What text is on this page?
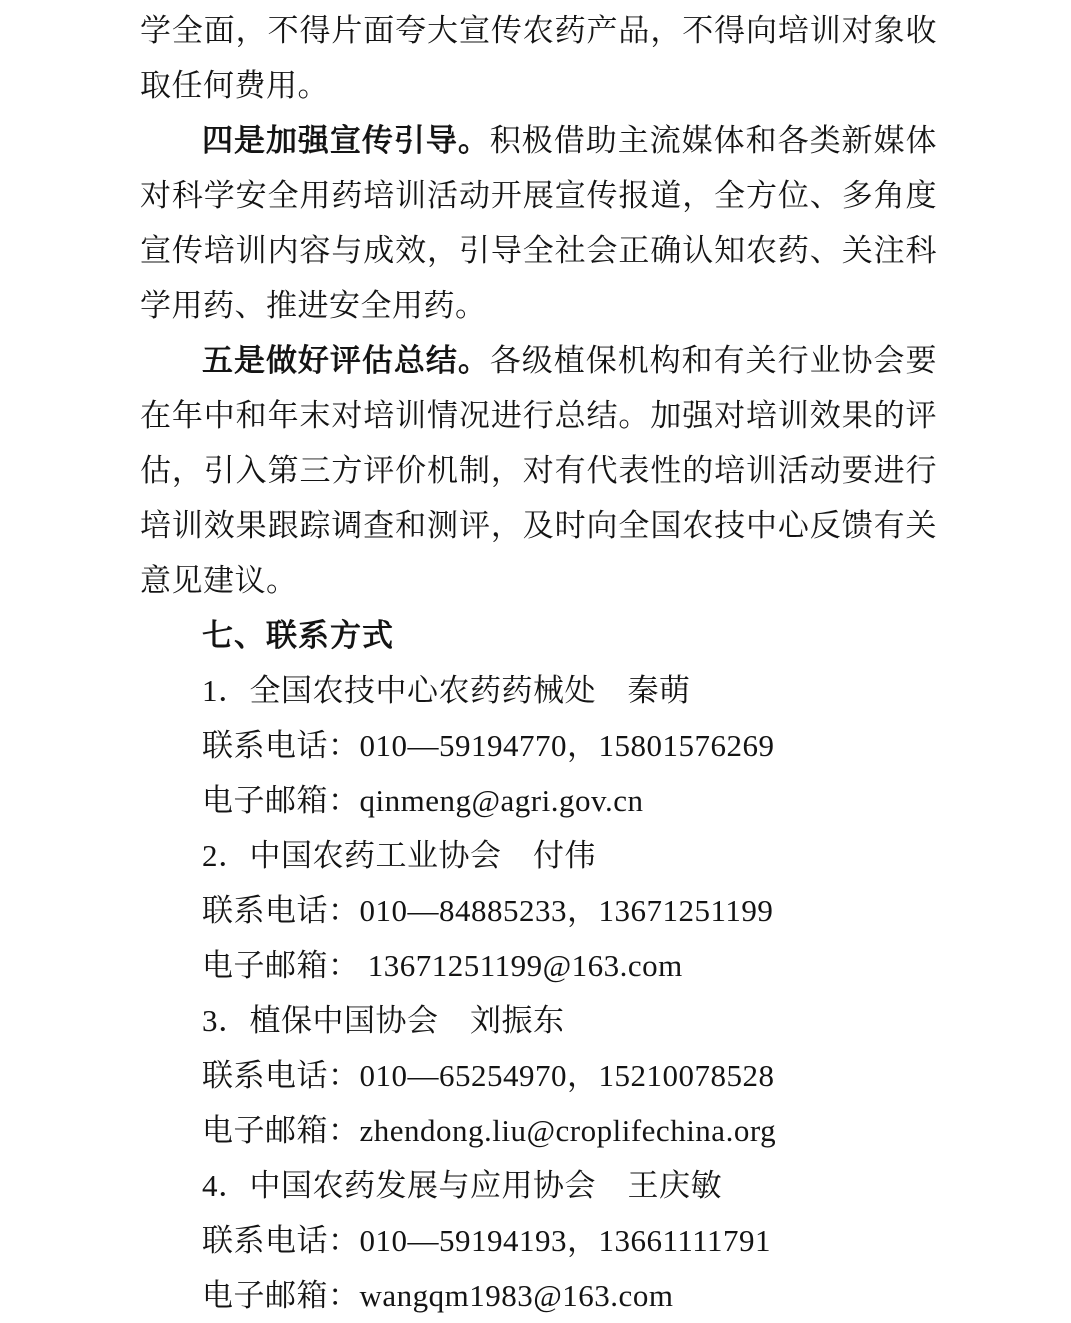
学全面，不得片面夸大宣传农药产品，不得向培训对象收取任何费用。

四是加强宣传引导。积极借助主流媒体和各类新媒体对科学安全用药培训活动开展宣传报道，全方位、多角度宣传培训内容与成效，引导全社会正确认知农药、关注科学用药、推进安全用药。

五是做好评估总结。各级植保机构和有关行业协会要在年中和年末对培训情况进行总结。加强对培训效果的评估，引入第三方评价机制，对有代表性的培训活动要进行培训效果跟踪调查和测评，及时向全国农技中心反馈有关意见建议。

七、联系方式

1．全国农技中心农药药械处　秦萌

联系电话：010—59194770，15801576269

电子邮箱：qinmeng@agri.gov.cn

2．中国农药工业协会　付伟

联系电话：010—84885233，13671251199

电子邮箱： 13671251199@163.com

3．植保中国协会　刘振东

联系电话：010—65254970，15210078528

电子邮箱：zhendong.liu@croplifechina.org

4．中国农药发展与应用协会　王庆敏

联系电话：010—59194193，13661111791

电子邮箱：wangqm1983@163.com
